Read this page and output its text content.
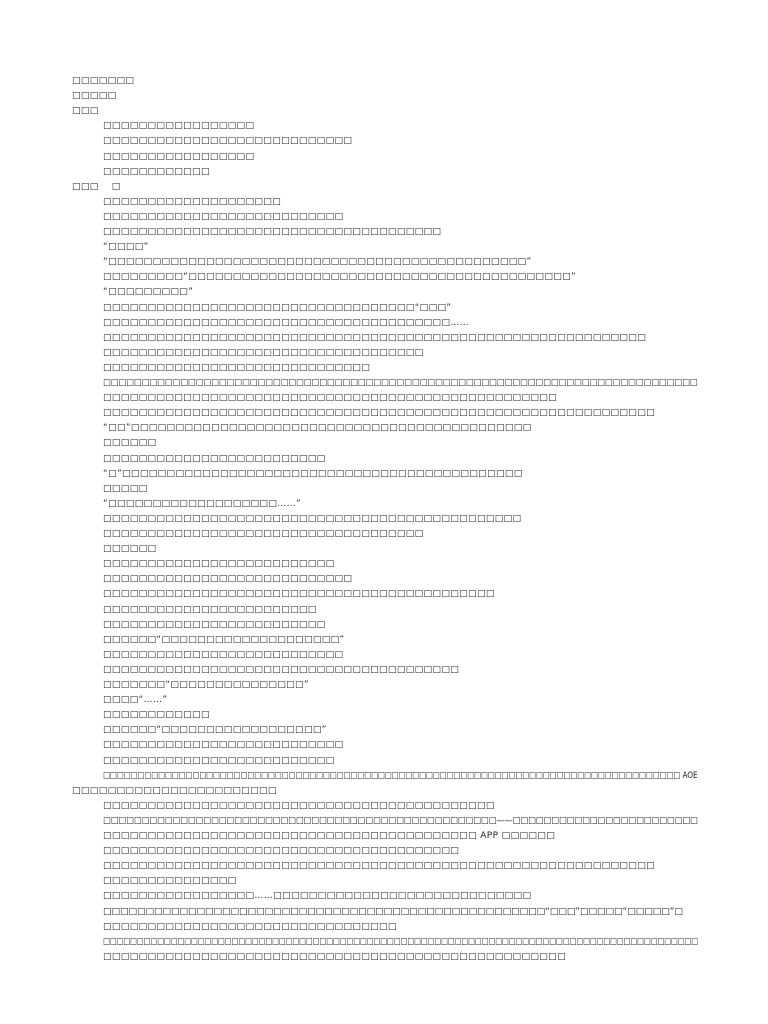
□□□□□□□
□□□□□
□□□
□□□□□□□□□□□□□□□□□
□□□□□□□□□□□□□□□□□□□□□□□□□□□□
□□□□□□□□□□□□□□□□□
□□□□□□□□□□□□
□□□    □
□□□□□□□□□□□□□□□□□□□□
□□□□□□□□□□□□□□□□□□□□□□□□□□□
□□□□□□□□□□□□□□□□□□□□□□□□□□□□□□□□□□□□□□
“□□□□”
“□□□□□□□□□□□□□□□□□□□□□□□□□□□□□□□□□□□□□□□□□□□□□□□”
□□□□□□□□□“□□□□□□□□□□□□□□□□□□□□□□□□□□□□□□□□□□□□□□□□□□□”
“□□□□□□□□□”
□□□□□□□□□□□□□□□□□□□□□□□□□□□□□□□□□□□“□□□”
□□□□□□□□□□□□□□□□□□□□□□□□□□□□□□□□□□□□□□□……
□□□□□□□□□□□□□□□□□□□□□□□□□□□□□□□□□□□□□□□□□□□□□□□□□□□□□□□□□□□□□
□□□□□□□□□□□□□□□□□□□□□□□□□□□□□□□□□□□□
□□□□□□□□□□□□□□□□□□□□□□□□□□□□□□
□□□□□□□□□□□□□□□□□□□□□□□□□□□□□□□□□□□□□□□□□□□□□□□□□□□□□□□□□□□□□□□□□□□□□□□□□□□□□
□□□□□□□□□□□□□□□□□□□□□□□□□□□□□□□□□□□□□□□□□□□□□□□□□□□
□□□□□□□□□□□□□□□□□□□□□□□□□□□□□□□□□□□□□□□□□□□□□□□□□□□□□□□□□□□□□□
“□□”□□□□□□□□□□□□□□□□□□□□□□□□□□□□□□□□□□□□□□□□□□□□□
□□□□□□
□□□□□□□□□□□□□□□□□□□□□□□□□
“□”□□□□□□□□□□□□□□□□□□□□□□□□□□□□□□□□□□□□□□□□□□□□□
□□□□□
“□□□□□□□□□□□□□□□□□□□……”
□□□□□□□□□□□□□□□□□□□□□□□□□□□□□□□□□□□□□□□□□□□□□□□
□□□□□□□□□□□□□□□□□□□□□□□□□□□□□□□□□□□□
□□□□□□
□□□□□□□□□□□□□□□□□□□□□□□□□□
□□□□□□□□□□□□□□□□□□□□□□□□□□□□
□□□□□□□□□□□□□□□□□□□□□□□□□□□□□□□□□□□□□□□□□□□□
□□□□□□□□□□□□□□□□□□□□□□□□
□□□□□□□□□□□□□□□□□□□□□□□□□
□□□□□□“□□□□□□□□□□□□□□□□□□□□”
□□□□□□□□□□□□□□□□□□□□□□□□□□□
□□□□□□□□□□□□□□□□□□□□□□□□□□□□□□□□□□□□□□□□
□□□□□□□“□□□□□□□□□□□□□□□”
□□□□“……”
□□□□□□□□□□□□
□□□□□□“□□□□□□□□□□□□□□□□□□”
□□□□□□□□□□□□□□□□□□□□□□□□□□□
□□□□□□□□□□□□□□□□□□□□□□□□□□
□□□□□□□□□□□□□□□□□□□□□□□□□□□□□□□□□□□□□□□□□□□□□□□□□□□□□□□□□□□□□□□□□□□□□□□□□□□□□□□□□□□□ AOE
□□□□□□□□□□□□□□□□□□□□□□□
□□□□□□□□□□□□□□□□□□□□□□□□□□□□□□□□□□□□□□□□□□□□
□□□□□□□□□□□□□□□□□□□□□□□□□□□□□□□□□□□□□□□□□□□□□□□□□□□——□□□□□□□□□□□□□□□□□□□□□□□□
□□□□□□□□□□□□□□□□□□□□□□□□□□□□□□□□□□□□□□□□□□ APP □□□□□□
□□□□□□□□□□□□□□□□□□□□□□□□□□□□□□□□□□□□□□□□
□□□□□□□□□□□□□□□□□□□□□□□□□□□□□□□□□□□□□□□□□□□□□□□□□□□□□□□□□□□□□□
□□□□□□□□□□□□□□□
□□□□□□□□□□□□□□□□□……□□□□□□□□□□□□□□□□□□□□□□□□□□□□□
□□□□□□□□□□□□□□□□□□□□□□□□□□□□□□□□□□□□□□□□□□□□□□□□□□□□“□□□”□□□□□“□□□□□”□
□□□□□□□□□□□□□□□□□□□□□□□□□□□□□□□□□
□□□□□□□□□□□□□□□□□□□□□□□□□□□□□□□□□□□□□□□□□□□□□□□□□□□□□□□□□□□□□□□□□□□□□□□□□□□□□□□□□□□□□□□□
□□□□□□□□□□□□□□□□□□□□□□□□□□□□□□□□□□□□□□□□□□□□□□□□□□□□
